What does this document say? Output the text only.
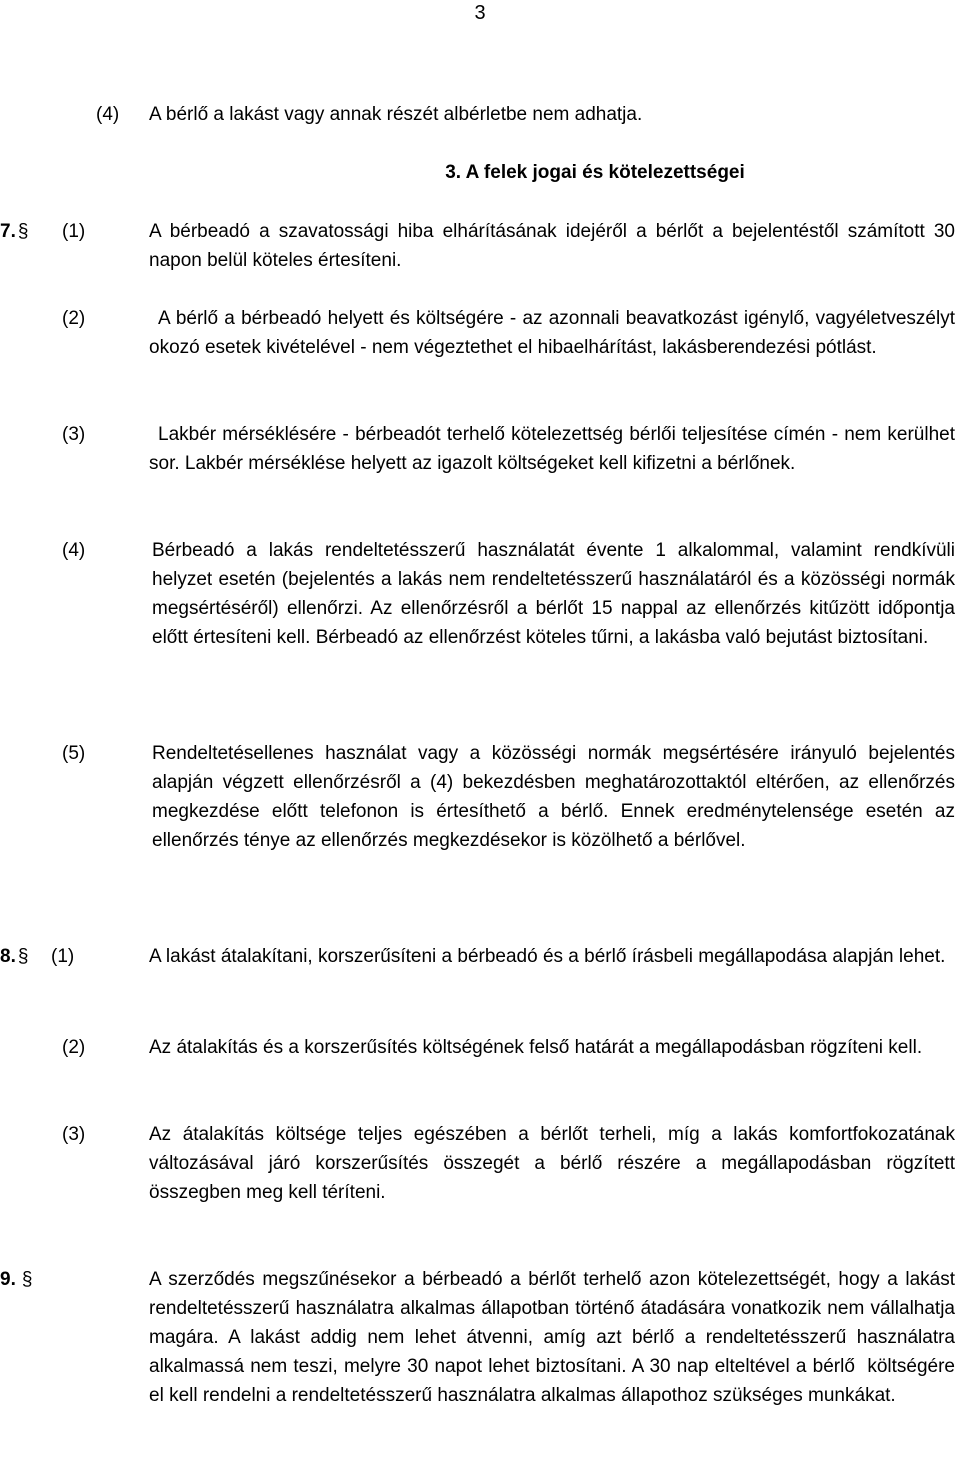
3
(4) A bérlő a lakást vagy annak részét albérletbe nem adhatja.
3. A felek jogai és kötelezettségei
7. § (1)	A bérbeadó a szavatossági hiba elhárításának idejéről a bérlőt a bejelentéstől számított 30 napon belül köteles értesíteni.
(2)	A bérlő a bérbeadó helyett és költségére - az azonnali beavatkozást igénylő, vagyéletveszélyt okozó esetek kivételével - nem végeztethet el hibaelhárítást, lakásberendezési pótlást.
(3)	Lakbér mérséklésére - bérbeadót terhelő kötelezettség bérlői teljesítése címén - nem kerülhet sor. Lakbér mérséklése helyett az igazolt költségeket kell kifizetni a bérlőnek.
(4)	Bérbeadó a lakás rendeltetésszerű használatát évente 1 alkalommal, valamint rendkívüli helyzet esetén (bejelentés a lakás nem rendeltetésszerű használatáról és a közösségi normák megsértéséről) ellenőrzi. Az ellenőrzésről a bérlőt 15 nappal az ellenőrzés kitűzött időpontja előtt értesíteni kell. Bérbeadó az ellenőrzést köteles tűrni, a lakásba való bejutást biztosítani.
(5)	Rendeltetésellenes használat vagy a közösségi normák megsértésére irányuló bejelentés alapján végzett ellenőrzésről a (4) bekezdésben meghatározottaktól eltérően, az ellenőrzés megkezdése előtt telefonon is értesíthető a bérlő. Ennek eredménytelensége esetén az ellenőrzés ténye az ellenőrzés megkezdésekor is közölhető a bérlővel.
8. § (1)	A lakást átalakítani, korszerűsíteni a bérbeadó és a bérlő írásbeli megállapodása alapján lehet.
(2)	Az átalakítás és a korszerűsítés költségének felső határát a megállapodásban rögzíteni kell.
(3)	Az átalakítás költsége teljes egészében a bérlőt terheli, míg a lakás komfortfokozatának változásával járó korszerűsítés összegét a bérlő részére a megállapodásban rögzített összegben meg kell téríteni.
9. §	A szerződés megszűnésekor a bérbeadó a bérlőt terhelő azon kötelezettségét, hogy a lakást rendeltetésszerű használatra alkalmas állapotban történő átadására vonatkozik nem vállalhatja magára. A lakást addig nem lehet átvenni, amíg azt bérlő a rendeltetésszerű használatra alkalmassá nem teszi, melyre 30 napot lehet biztosítani. A 30 nap elteltével a bérlő  költségére el kell rendelni a rendeltetésszerű használatra alkalmas állapothoz szükséges munkákat.
